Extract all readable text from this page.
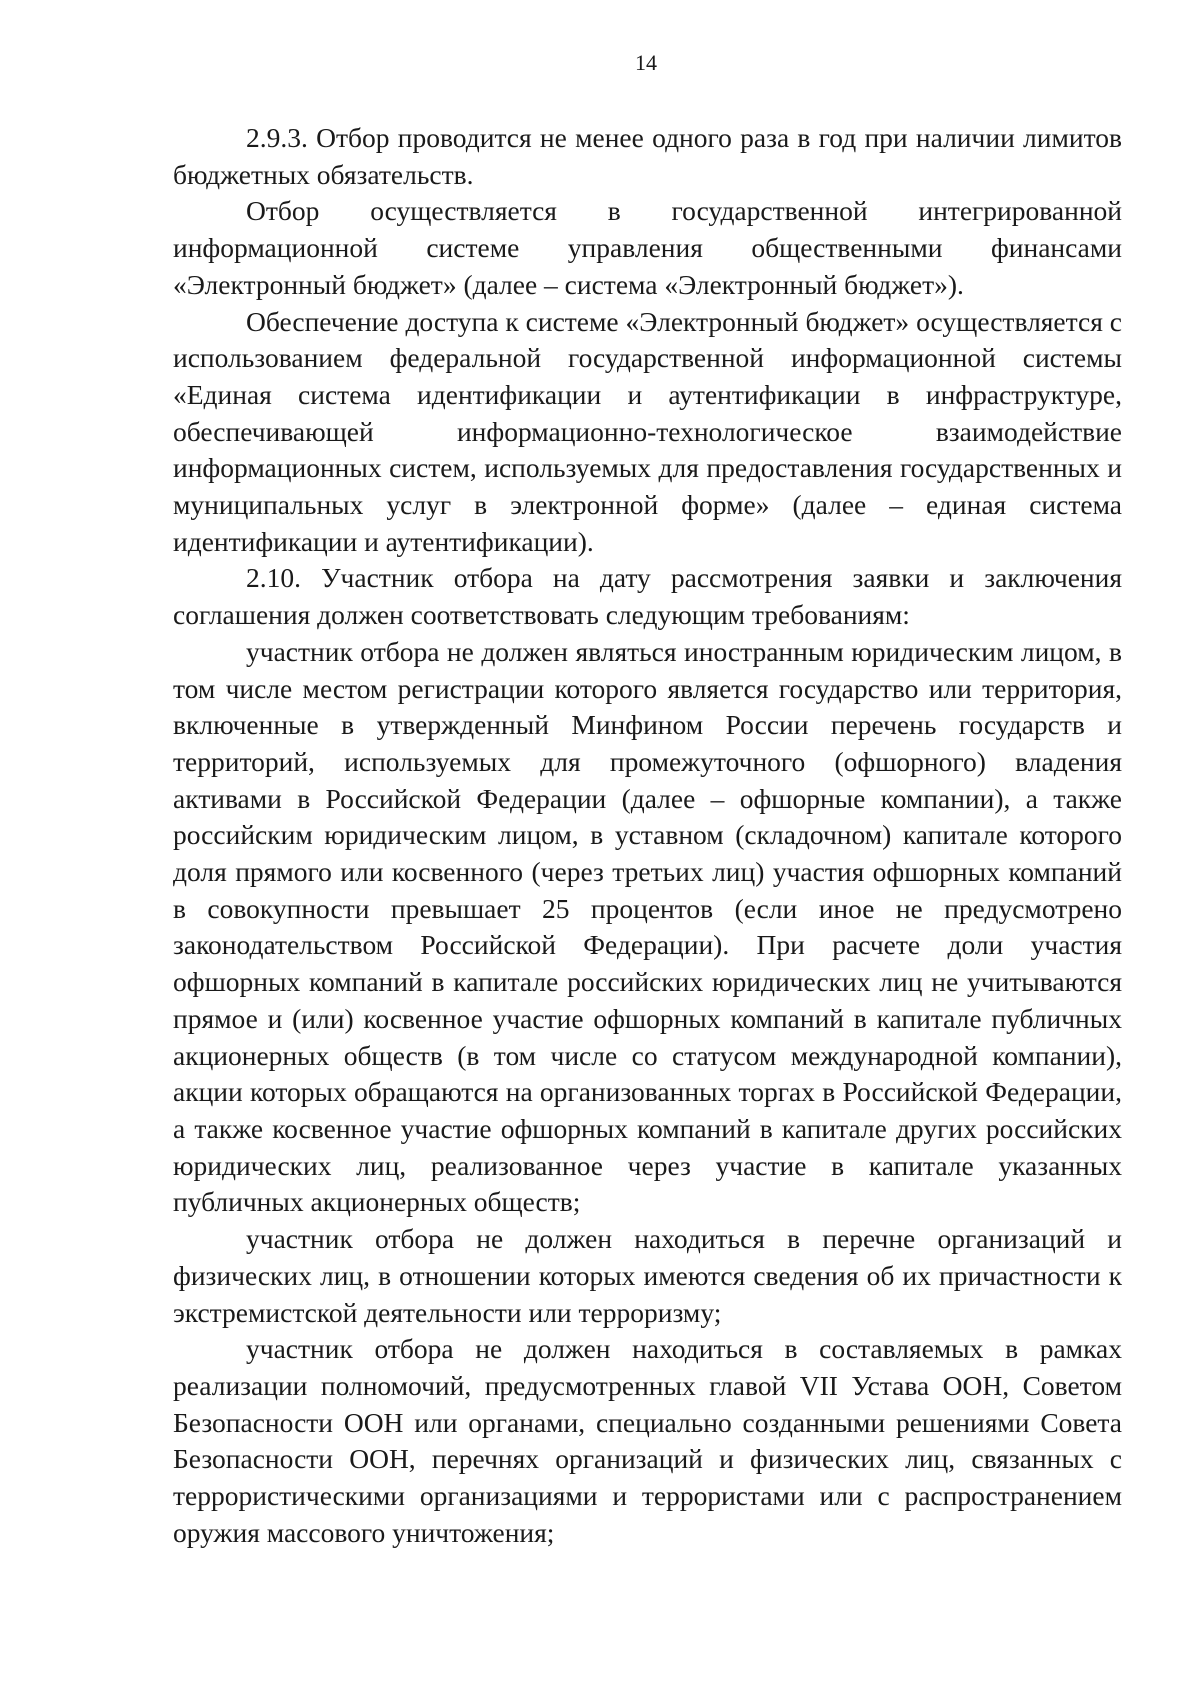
14

2.9.3. Отбор проводится не менее одного раза в год при наличии лимитов бюджетных обязательств.

Отбор осуществляется в государственной интегрированной информационной системе управления общественными финансами «Электронный бюджет» (далее – система «Электронный бюджет»).

Обеспечение доступа к системе «Электронный бюджет» осуществляется с использованием федеральной государственной информационной системы «Единая система идентификации и аутентификации в инфраструктуре, обеспечивающей информационно-технологическое взаимодействие информационных систем, используемых для предоставления государственных и муниципальных услуг в электронной форме» (далее – единая система идентификации и аутентификации).

2.10. Участник отбора на дату рассмотрения заявки и заключения соглашения должен соответствовать следующим требованиям:

участник отбора не должен являться иностранным юридическим лицом, в том числе местом регистрации которого является государство или территория, включенные в утвержденный Минфином России перечень государств и территорий, используемых для промежуточного (офшорного) владения активами в Российской Федерации (далее – офшорные компании), а также российским юридическим лицом, в уставном (складочном) капитале которого доля прямого или косвенного (через третьих лиц) участия офшорных компаний в совокупности превышает 25 процентов (если иное не предусмотрено законодательством Российской Федерации). При расчете доли участия офшорных компаний в капитале российских юридических лиц не учитываются прямое и (или) косвенное участие офшорных компаний в капитале публичных акционерных обществ (в том числе со статусом международной компании), акции которых обращаются на организованных торгах в Российской Федерации, а также косвенное участие офшорных компаний в капитале других российских юридических лиц, реализованное через участие в капитале указанных публичных акционерных обществ;

участник отбора не должен находиться в перечне организаций и физических лиц, в отношении которых имеются сведения об их причастности к экстремистской деятельности или терроризму;

участник отбора не должен находиться в составляемых в рамках реализации полномочий, предусмотренных главой VII Устава ООН, Советом Безопасности ООН или органами, специально созданными решениями Совета Безопасности ООН, перечнях организаций и физических лиц, связанных с террористическими организациями и террористами или с распространением оружия массового уничтожения;
